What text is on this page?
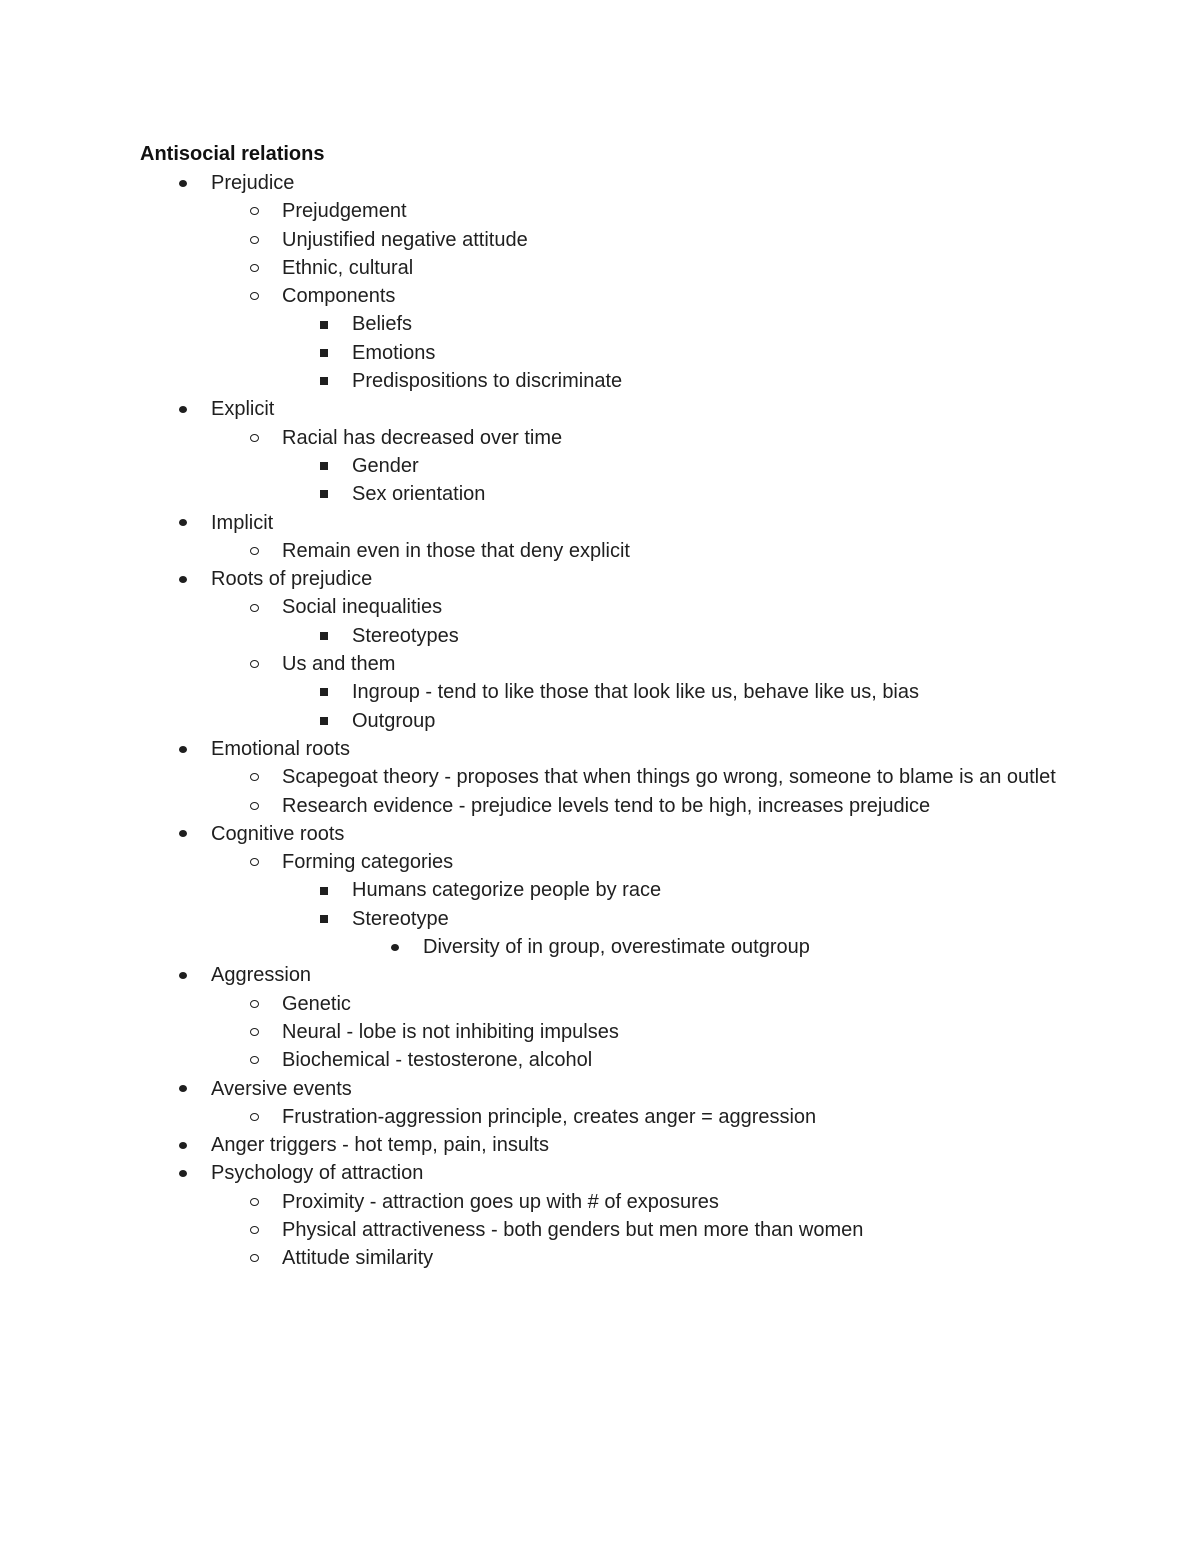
Antisocial relations
Prejudice
Prejudgement
Unjustified negative attitude
Ethnic, cultural
Components
Beliefs
Emotions
Predispositions to discriminate
Explicit
Racial has decreased over time
Gender
Sex orientation
Implicit
Remain even in those that deny explicit
Roots of prejudice
Social inequalities
Stereotypes
Us and them
Ingroup - tend to like those that look like us, behave like us, bias
Outgroup
Emotional roots
Scapegoat theory - proposes that when things go wrong, someone to blame is an outlet
Research evidence - prejudice levels tend to be high, increases prejudice
Cognitive roots
Forming categories
Humans categorize people by race
Stereotype
Diversity of in group, overestimate outgroup
Aggression
Genetic
Neural - lobe is not inhibiting impulses
Biochemical - testosterone, alcohol
Aversive events
Frustration-aggression principle, creates anger = aggression
Anger triggers - hot temp, pain, insults
Psychology of attraction
Proximity - attraction goes up with # of exposures
Physical attractiveness - both genders but men more than women
Attitude similarity
